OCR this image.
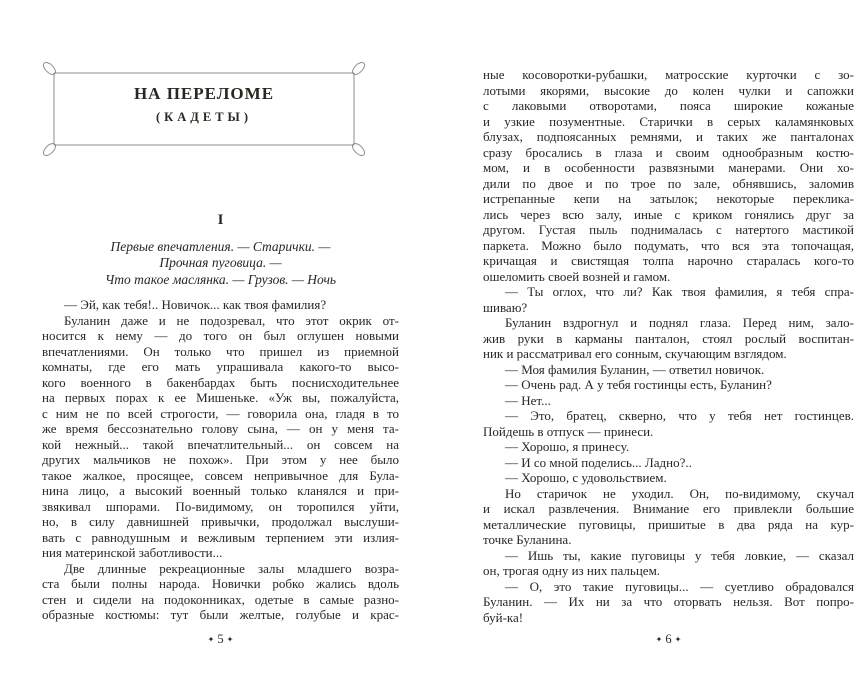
НА ПЕРЕЛОМЕ
(КАДЕТЫ)
I
Первые впечатления. — Старички. —
Прочная пуговица. —
Что такое маслянка. — Грузов. — Ночь
— Эй, как тебя!.. Новичок... как твоя фамилия?
Буланин даже и не подозревал, что этот окрик от-
носится к нему — до того он был оглушен новыми
впечатлениями. Он только что пришел из приемной
комнаты, где его мать упрашивала какого-то высо-
кого военного в бакенбардах быть поснисходительнее
на первых порах к ее Мишеньке. «Уж вы, пожалуйста,
с ним не по всей строгости, — говорила она, гладя в то
же время бессознательно голову сына, — он у меня та-
кой нежный... такой впечатлительный... он совсем на
других мальчиков не похож». При этом у нее было
такое жалкое, просящее, совсем непривычное для Була-
нина лицо, а высокий военный только кланялся и при-
звякивал шпорами. По-видимому, он торопился уйти,
но, в силу давнишней привычки, продолжал выслуши-
вать с равнодушным и вежливым терпением эти излия-
ния материнской заботливости...
Две длинные рекреационные залы младшего возра-
ста были полны народа. Новички робко жались вдоль
стен и сидели на подоконниках, одетые в самые разно-
образные костюмы: тут были желтые, голубые и крас-
✦ 5 ✦
ные косоворотки-рубашки, матросские курточки с зо-
лотыми якорями, высокие до колен чулки и сапожки
с лаковыми отворотами, пояса широкие кожаные
и узкие позументные. Старички в серых каламянковых
блузах, подпоясанных ремнями, и таких же панталонах
сразу бросались в глаза и своим однообразным костю-
мом, и в особенности развязными манерами. Они хо-
дили по двое и по трое по зале, обнявшись, заломив
истрепанные кепи на затылок; некоторые переклика-
лись через всю залу, иные с криком гонялись друг за
другом. Густая пыль поднималась с натертого мастикой
паркета. Можно было подумать, что вся эта топочащая,
кричащая и свистящая толпа нарочно старалась кого-то
ошеломить своей возней и гамом.
— Ты оглох, что ли? Как твоя фамилия, я тебя спра-
шиваю?
Буланин вздрогнул и поднял глаза. Перед ним, зало-
жив руки в карманы панталон, стоял рослый воспитан-
ник и рассматривал его сонным, скучающим взглядом.
— Моя фамилия Буланин, — ответил новичок.
— Очень рад. А у тебя гостинцы есть, Буланин?
— Нет...
— Это, братец, скверно, что у тебя нет гостинцев.
Пойдешь в отпуск — принеси.
— Хорошо, я принесу.
— И со мной поделись... Ладно?..
— Хорошо, с удовольствием.
Но старичок не уходил. Он, по-видимому, скучал
и искал развлечения. Внимание его привлекли большие
металлические пуговицы, пришитые в два ряда на кур-
точке Буланина.
— Ишь ты, какие пуговицы у тебя ловкие, — сказал
он, трогая одну из них пальцем.
— О, это такие пуговицы... — суетливо обрадовался
Буланин. — Их ни за что оторвать нельзя. Вот попро-
буй-ка!
✦ 6 ✦
